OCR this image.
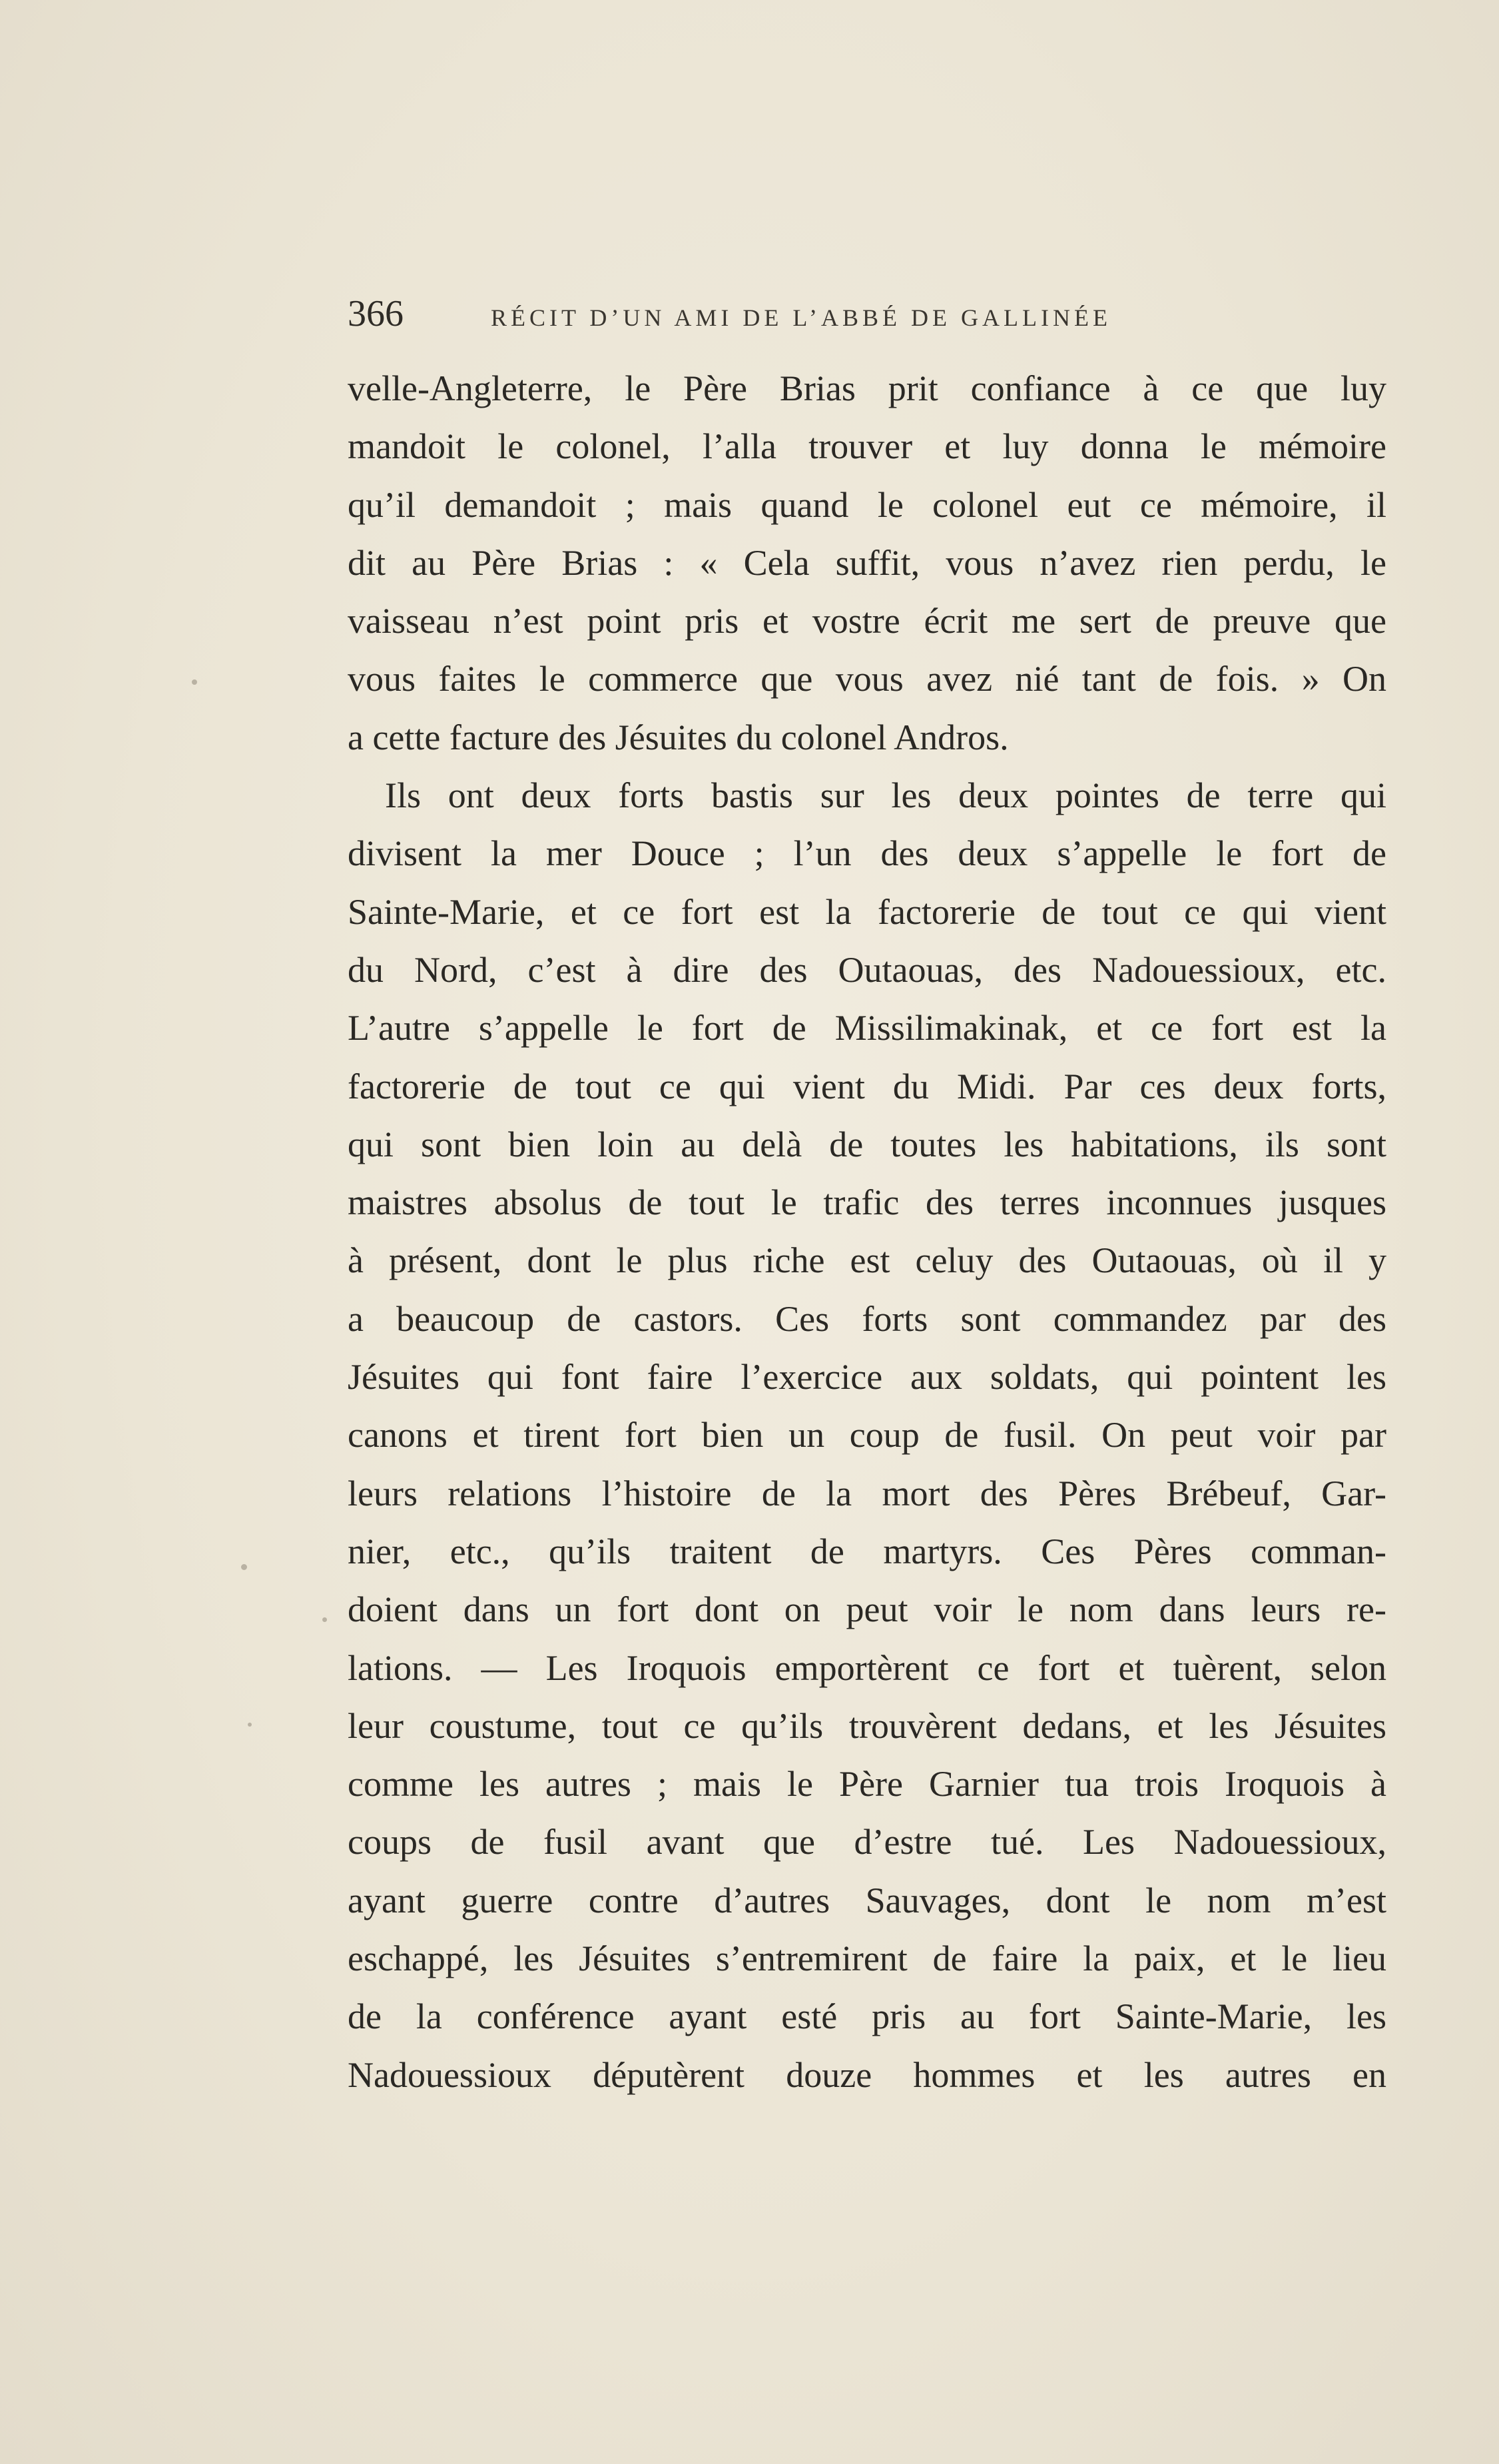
366	RÉCIT D’UN AMI DE L’ABBÉ DE GALLINÉE
velle-Angleterre, le Père Brias prit confiance à ce que luy
mandoit le colonel, l’alla trouver et luy donna le mémoire
qu’il demandoit ; mais quand le colonel eut ce mémoire, il
dit au Père Brias : « Cela suffit, vous n’avez rien perdu, le
vaisseau n’est point pris et vostre écrit me sert de preuve que
vous faites le commerce que vous avez nié tant de fois. » On
a cette facture des Jésuites du colonel Andros.
Ils ont deux forts bastis sur les deux pointes de terre qui
divisent la mer Douce ; l’un des deux s’appelle le fort de
Sainte-Marie, et ce fort est la factorerie de tout ce qui vient
du Nord, c’est à dire des Outaouas, des Nadouessioux, etc.
L’autre s’appelle le fort de Missilimakinak, et ce fort est la
factorerie de tout ce qui vient du Midi. Par ces deux forts,
qui sont bien loin au delà de toutes les habitations, ils sont
maistres absolus de tout le trafic des terres inconnues jusques
à présent, dont le plus riche est celuy des Outaouas, où il y
a beaucoup de castors. Ces forts sont commandez par des
Jésuites qui font faire l’exercice aux soldats, qui pointent les
canons et tirent fort bien un coup de fusil. On peut voir par
leurs relations l’histoire de la mort des Pères Brébeuf, Gar-
nier, etc., qu’ils traitent de martyrs. Ces Pères comman-
doient dans un fort dont on peut voir le nom dans leurs re-
lations. — Les Iroquois emportèrent ce fort et tuèrent, selon
leur coustume, tout ce qu’ils trouvèrent dedans, et les Jésuites
comme les autres ; mais le Père Garnier tua trois Iroquois à
coups de fusil avant que d’estre tué. Les Nadouessioux,
ayant guerre contre d’autres Sauvages, dont le nom m’est
eschappé, les Jésuites s’entremirent de faire la paix, et le lieu
de la conférence ayant esté pris au fort Sainte-Marie, les
Nadouessioux députèrent douze hommes et les autres en
